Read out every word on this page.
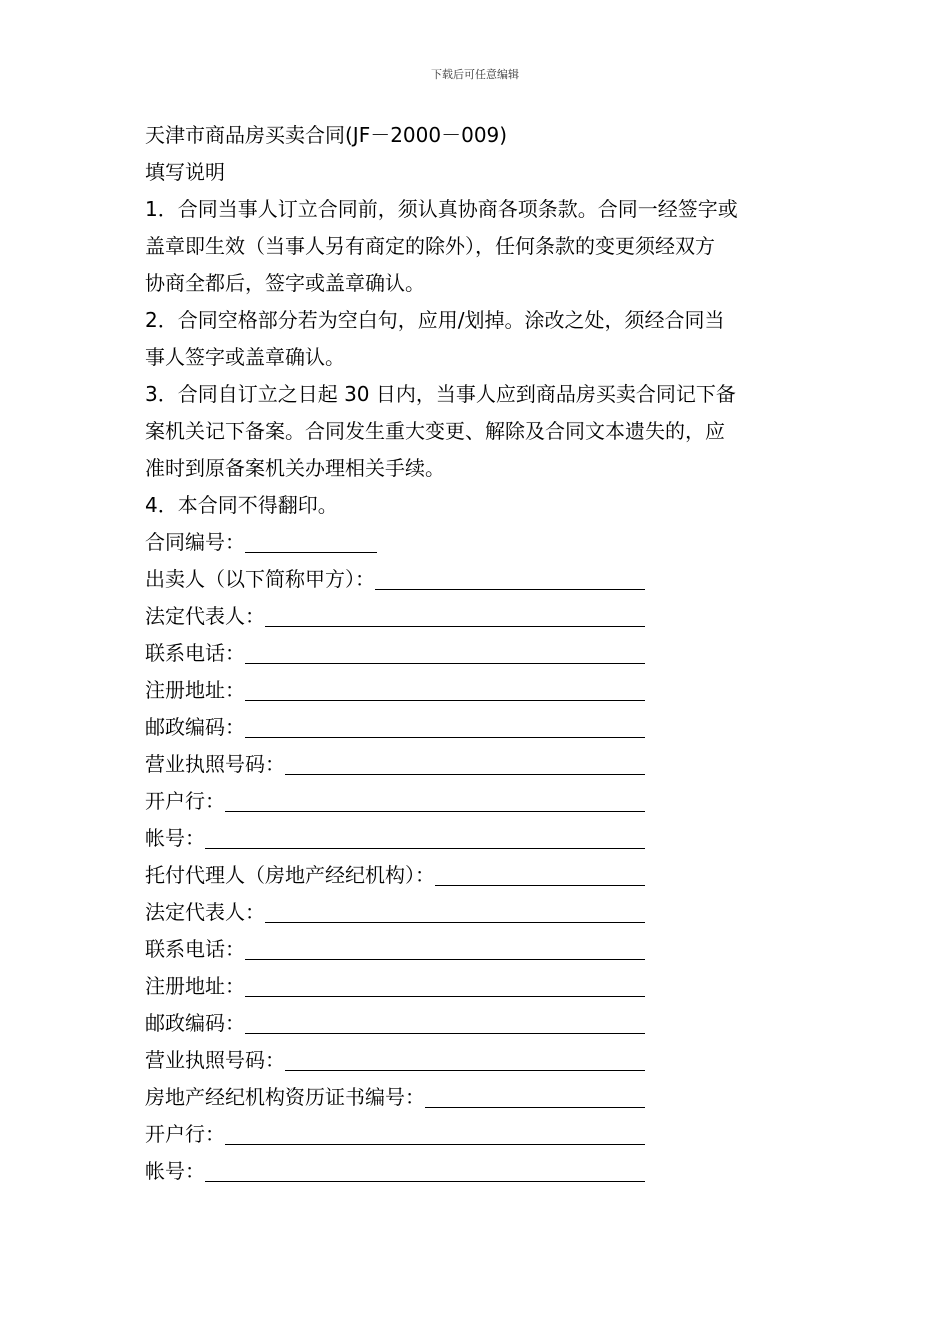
下载后可任意编辑
天津市商品房买卖合同(JF－2000－009)
填写说明
1．合同当事人订立合同前，须认真协商各项条款。合同一经签字或
盖章即生效（当事人另有商定的除外），任何条款的变更须经双方
协商全都后，签字或盖章确认。
2．合同空格部分若为空白句，应用/划掉。涂改之处，须经合同当
事人签字或盖章确认。
3．合同自订立之日起 30 日内，当事人应到商品房买卖合同记下备
案机关记下备案。合同发生重大变更、解除及合同文本遗失的，应
准时到原备案机关办理相关手续。
4．本合同不得翻印。
合同编号：
出卖人（以下简称甲方）：
法定代表人：
联系电话：
注册地址：
邮政编码：
营业执照号码：
开户行：
帐号：
托付代理人（房地产经纪机构）：
法定代表人：
联系电话：
注册地址：
邮政编码：
营业执照号码：
房地产经纪机构资历证书编号：
开户行：
帐号：
